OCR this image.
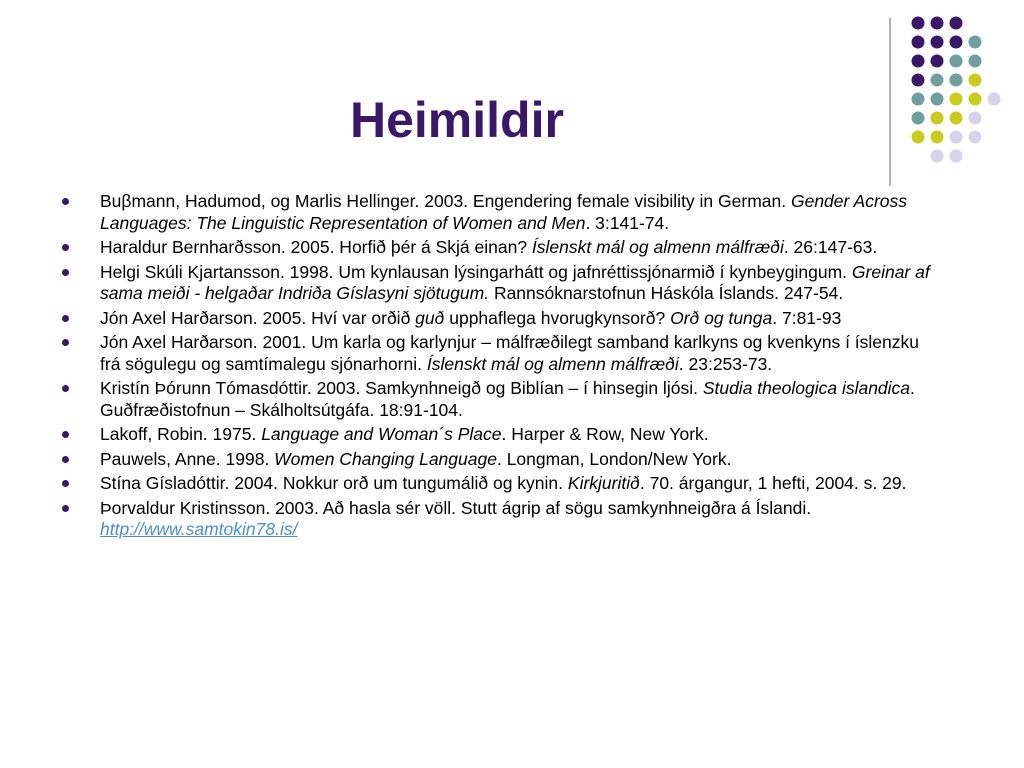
Heimildir
Buβmann, Hadumod, og Marlis Hellinger. 2003. Engendering female visibility in German. Gender Across Languages: The Linguistic Representation of Women and Men. 3:141-74.
Haraldur Bernharðsson. 2005. Horfið þér á Skjá einan? Íslenskt mál og almenn málfræði. 26:147-63.
Helgi Skúli Kjartansson. 1998. Um kynlausan lýsingarhátt og jafnréttissjónarmið í kynbeygingum. Greinar af sama meiði - helgaðar Indriða Gíslasyni sjötugum. Rannsóknarstofnun Háskóla Íslands. 247-54.
Jón Axel Harðarson. 2005. Hví var orðið guð upphaflega hvorugkynsorð? Orð og tunga. 7:81-93
Jón Axel Harðarson. 2001. Um karla og karlynjur – málfræðilegt samband karlkyns og kvenkyns í íslenzku frá sögulegu og samtímalegu sjónarhorni. Íslenskt mál og almenn málfræði. 23:253-73.
Kristín Þórunn Tómasdóttir. 2003. Samkynhneigð og Biblían – í hinsegin ljósi. Studia theologica islandica. Guðfræðistofnun – Skálholtsútgáfa. 18:91-104.
Lakoff, Robin. 1975. Language and Woman´s Place. Harper & Row, New York.
Pauwels, Anne. 1998. Women Changing Language. Longman, London/New York.
Stína Gísladóttir. 2004. Nokkur orð um tungumálið og kynin. Kirkjuritið. 70. árgangur, 1 hefti, 2004. s. 29.
Þorvaldur Kristinsson. 2003. Að hasla sér völl. Stutt ágrip af sögu samkynhneigðra á Íslandi. http://www.samtokin78.is/
